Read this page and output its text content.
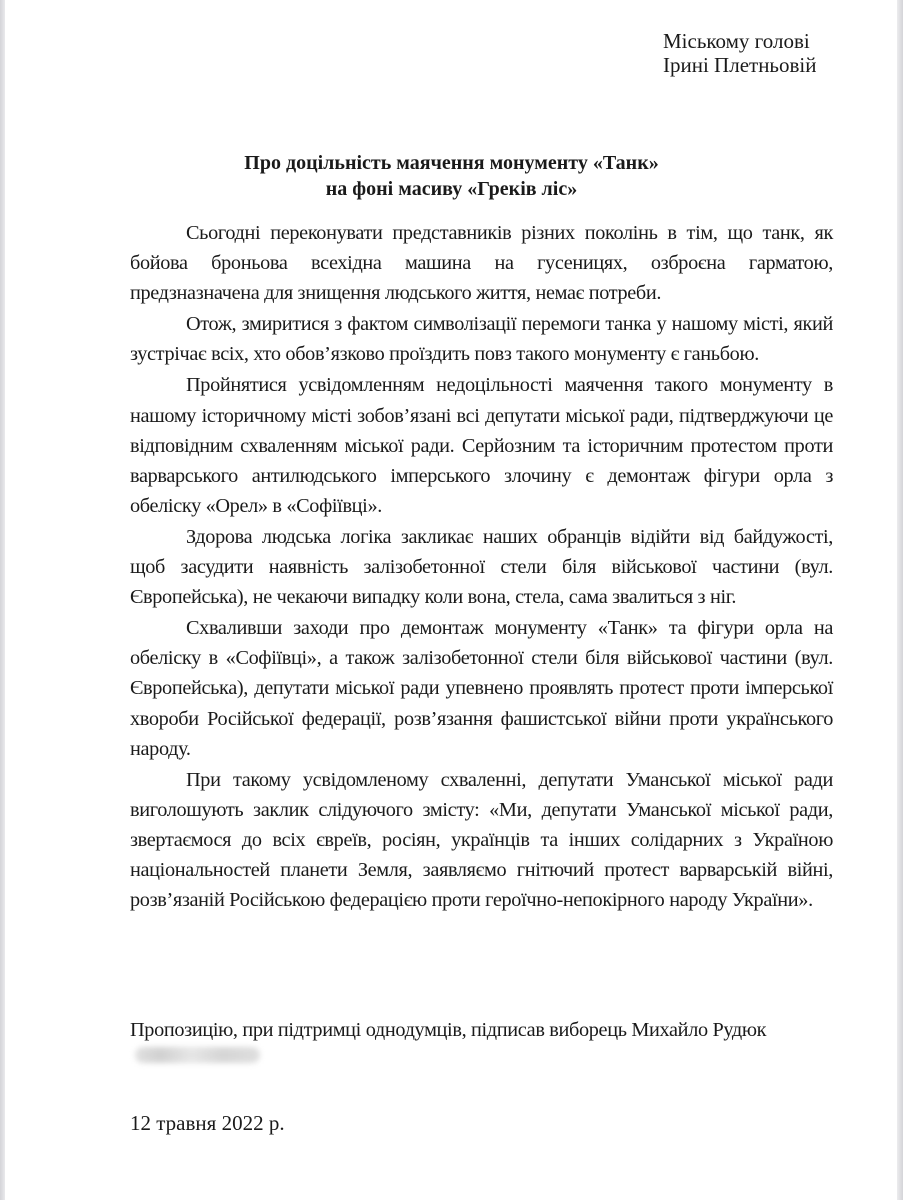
Міському голові
Ірині Плетньовій
Про доцільність маячення монументу «Танк»
на фоні масиву «Греків ліс»

Сьогодні переконувати представників різних поколінь в тім, що танк, як бойова броньова всехідна машина на гусеницях, озброєна гарматою, предзназначена для знищення людського життя, немає потреби.

Отож, змиритися з фактом символізації перемоги танка у нашому місті, який зустрічає всіх, хто обов’язково проїздить повз такого монументу є ганьбою.

Пройнятися усвідомленням недоцільності маячення такого монументу в нашому історичному місті зобов’язані всі депутати міської ради, підтверджуючи це відповідним схваленням міської ради. Серйозним та історичним протестом проти варварського антилюдського імперського злочину є демонтаж фігури орла з обеліску «Орел» в «Софіївці».

Здорова людська логіка закликає наших обранців відійти від байдужості, щоб засудити наявність залізобетонної стели біля військової частини (вул. Європейська), не чекаючи випадку коли вона, стела, сама звалиться з ніг.

Схваливши заходи про демонтаж монументу «Танк» та фігури орла на обеліску в «Софіївці», а також залізобетонної стели біля військової частини (вул. Європейська), депутати міської ради упевнено проявлять протест проти імперської хвороби Російської федерації, розв’язання фашистської війни проти українського народу.

При такому усвідомленому схваленні, депутати Уманської міської ради виголошують заклик слідуючого змісту: «Ми, депутати Уманської міської ради, звертаємося до всіх євреїв, росіян, українців та інших солідарних з Україною національностей планети Земля, заявляємо гнітючий протест варварській війні, розв’язаній Російською федерацією проти героїчно-непокірного народу України».

Пропозицію, при підтримці однодумців, підписав виборець Михайло Рудюк
12 травня 2022 р.
